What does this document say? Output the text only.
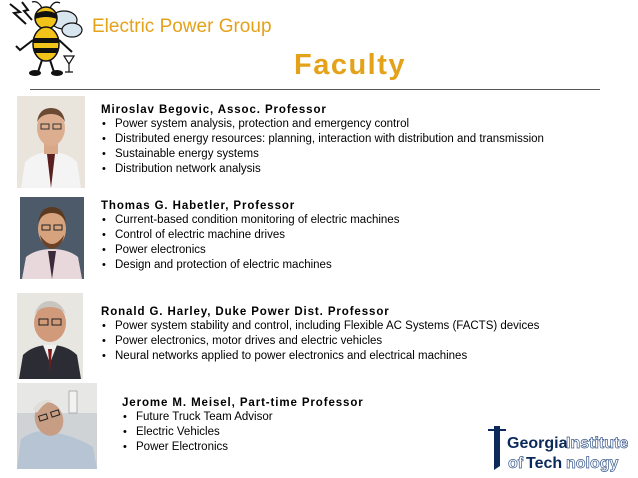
Electric Power Group
Faculty
Miroslav Begovic, Assoc. Professor
• Power system analysis, protection and emergency control
• Distributed energy resources: planning, interaction with distribution and transmission
• Sustainable energy systems
• Distribution network analysis
Thomas G. Habetler, Professor
• Current-based condition monitoring of electric machines
• Control of electric machine drives
• Power electronics
• Design and protection of electric machines
Ronald G. Harley, Duke Power Dist. Professor
• Power system stability and control, including Flexible AC Systems (FACTS) devices
• Power electronics, motor drives and electric vehicles
• Neural networks applied to power electronics and electrical machines
Jerome M. Meisel, Part-time Professor
• Future Truck Team Advisor
• Electric Vehicles
• Power Electronics	Georgia
Institute
of Tech nology
